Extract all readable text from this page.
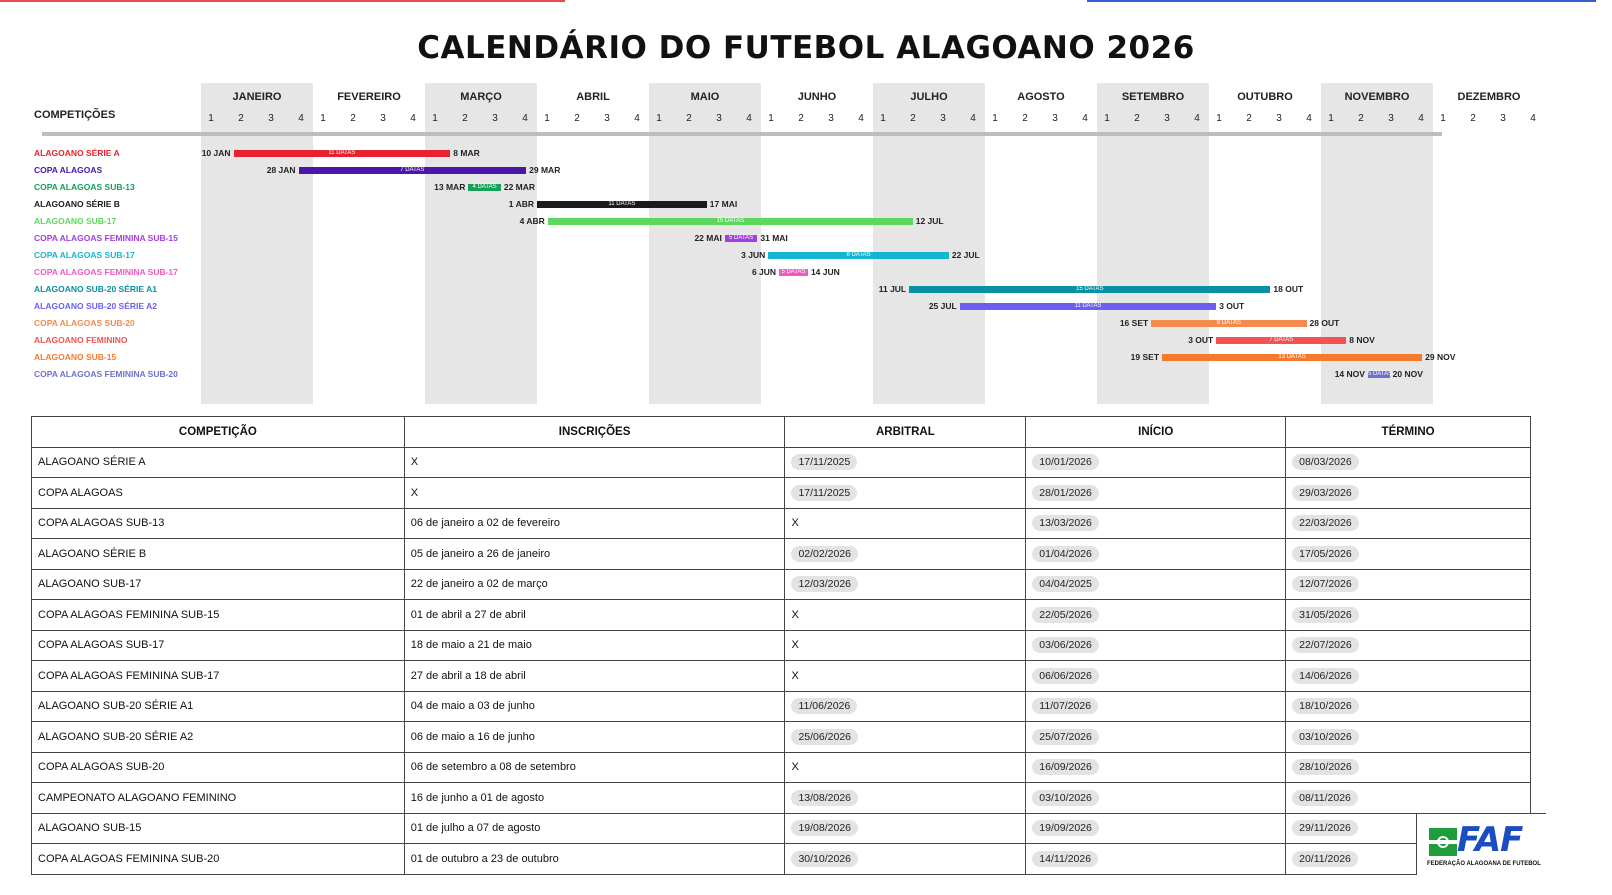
CALENDÁRIO DO FUTEBOL ALAGOANO 2026
JANEIRO
1 2 3 4
FEVEREIRO
1 2 3 4
MARÇO
1 2 3 4
ABRIL
1 2 3 4
MAIO
1 2 3 4
JUNHO
1 2 3 4
JULHO
1 2 3 4
AGOSTO
1 2 3 4
SETEMBRO
1 2 3 4
OUTUBRO
1 2 3 4
NOVEMBRO
1 2 3 4
DEZEMBRO
1 2 3 4
COMPETIÇÕES
ALAGOANO SÉRIE A	11 DATAS
10 JAN	8 MAR
COPA ALAGOAS	7 DATAS
28 JAN	29 MAR
COPA ALAGOAS SUB-13	4 DATAS
13 MAR	22 MAR
ALAGOANO SÉRIE B	11 DATAS
1 ABR	17 MAI
ALAGOANO SUB-17	15 DATAS
4 ABR	12 JUL
COPA ALAGOAS FEMININA SUB-15	5 DATAS
22 MAI	31 MAI
COPA ALAGOAS SUB-17	8 DATAS
3 JUN	22 JUL
COPA ALAGOAS FEMININA SUB-17	5 DATAS
6 JUN	14 JUN
ALAGOANO SUB-20 SÉRIE A1	15 DATAS
11 JUL	18 OUT
ALAGOANO SUB-20 SÉRIE A2	11 DATAS
25 JUL	3 OUT
COPA ALAGOAS SUB-20	8 DATAS
16 SET	28 OUT
ALAGOANO FEMININO	7 DATAS
3 OUT	8 NOV
ALAGOANO SUB-15	13 DATAS
19 SET	29 NOV
COPA ALAGOAS FEMININA SUB-20	5 DATAS
14 NOV	20 NOV
COMPETIÇÃO	INSCRIÇÕES	ARBITRAL	INÍCIO	TÉRMINO
ALAGOANO SÉRIE A	X	17/11/2025	10/01/2026	08/03/2026
COPA ALAGOAS	X	17/11/2025	28/01/2026	29/03/2026
COPA ALAGOAS SUB-13	06 de janeiro a 02 de fevereiro	X	13/03/2026	22/03/2026
ALAGOANO SÉRIE B	05 de janeiro a 26 de janeiro	02/02/2026	01/04/2026	17/05/2026
ALAGOANO SUB-17	22 de janeiro a 02 de março	12/03/2026	04/04/2025	12/07/2026
COPA ALAGOAS FEMININA SUB-15	01 de abril a 27 de abril	X	22/05/2026	31/05/2026
COPA ALAGOAS SUB-17	18 de maio a 21 de maio	X	03/06/2026	22/07/2026
COPA ALAGOAS FEMININA SUB-17	27 de abril a 18 de abril	X	06/06/2026	14/06/2026
ALAGOANO SUB-20 SÉRIE A1	04 de maio a 03 de junho	11/06/2026	11/07/2026	18/10/2026
ALAGOANO SUB-20 SÉRIE A2	06 de maio a 16 de junho	25/06/2026	25/07/2026	03/10/2026
COPA ALAGOAS SUB-20	06 de setembro a 08 de setembro	X	16/09/2026	28/10/2026
CAMPEONATO ALAGOANO FEMININO	16 de junho a 01 de agosto	13/08/2026	03/10/2026	08/11/2026
ALAGOANO SUB-15	01 de julho a 07 de agosto	19/08/2026	19/09/2026	29/11/2026
COPA ALAGOAS FEMININA SUB-20	01 de outubro a 23 de outubro	30/10/2026	14/11/2026	20/11/2026	FAF
FEDERAÇÃO ALAGOANA DE FUTEBOL
